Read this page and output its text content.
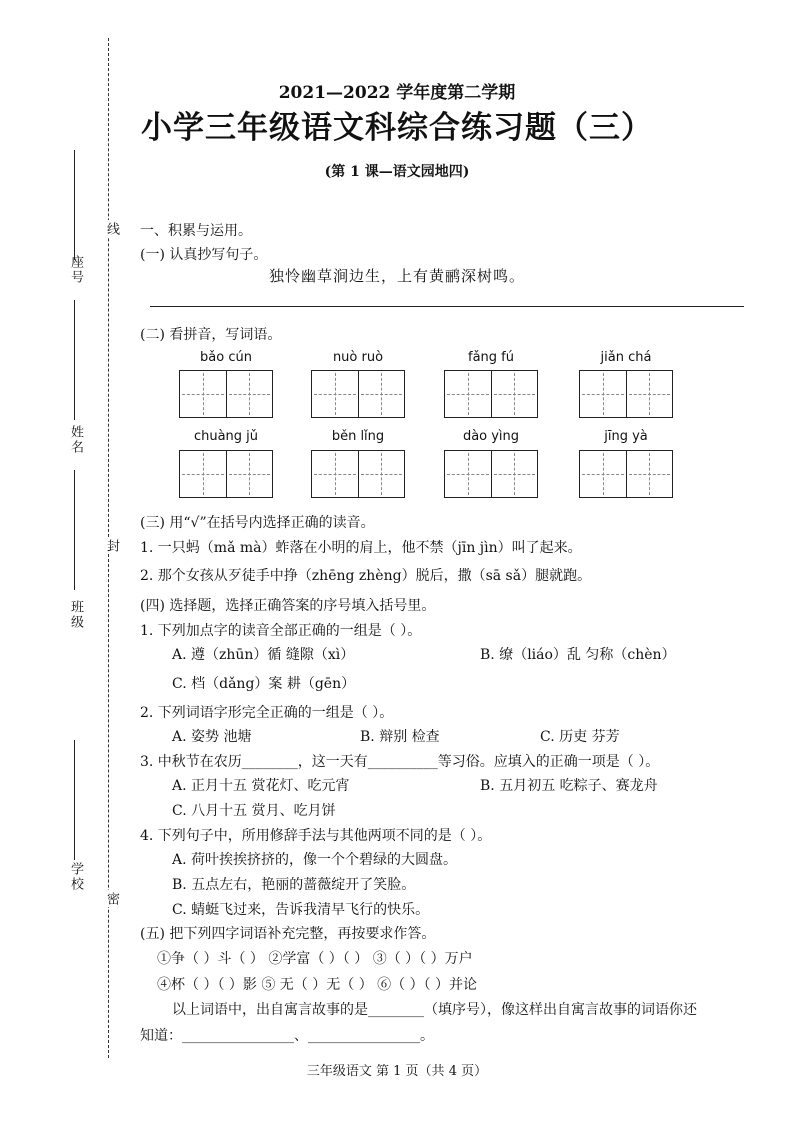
座号
姓名
班级
学校
线
封
密
2021—2022 学年度第二学期
小学三年级语文科综合练习题（三）
(第 1 课—语文园地四)
一、积累与运用。
(一) 认真抄写句子。
独怜幽草涧边生，上有黄鹂深树鸣。
(二) 看拼音，写词语。
bǎo cún	nuò ruò	fǎng fú	jiǎn chá
chuàng jǔ	běn lǐng	dào yìng	jīng yà
(三) 用“√”在括号内选择正确的读音。
1. 一只蚂（mǎ mà）蚱落在小明的肩上，他不禁（jīn jìn）叫了起来。
2. 那个女孩从歹徒手中挣（zhēng zhèng）脱后，撒（sā sǎ）腿就跑。
(四) 选择题，选择正确答案的序号填入括号里。
1. 下列加点字的读音全部正确的一组是（ ）。
A. 遵（zhūn）循 缝隙（xì）	B. 缭（liáo）乱 匀称（chèn）
C. 档（dǎng）案 耕（gēn）
2. 下列词语字形完全正确的一组是（ ）。
A. 姿势 池塘	B. 辩别 检查	C. 历吏 芬芳
3. 中秋节在农历________，这一天有__________等习俗。应填入的正确一项是（ ）。
A. 正月十五 赏花灯、吃元宵	B. 五月初五 吃粽子、赛龙舟
C. 八月十五 赏月、吃月饼
4. 下列句子中，所用修辞手法与其他两项不同的是（ ）。
A. 荷叶挨挨挤挤的，像一个个碧绿的大圆盘。
B. 五点左右，艳丽的蔷薇绽开了笑脸。
C. 蜻蜓飞过来，告诉我清早飞行的快乐。
(五) 把下列四字词语补充完整，再按要求作答。
①争（ ）斗（ ） ②学富（ ）（ ） ③（ ）（ ）万户
④杯（ ）（ ）影 ⑤ 无（ ）无（ ） ⑥（ ）（ ）并论
以上词语中，出自寓言故事的是________（填序号），像这样出自寓言故事的词语你还
知道：________________、________________。
三年级语文 第 1 页（共 4 页）
